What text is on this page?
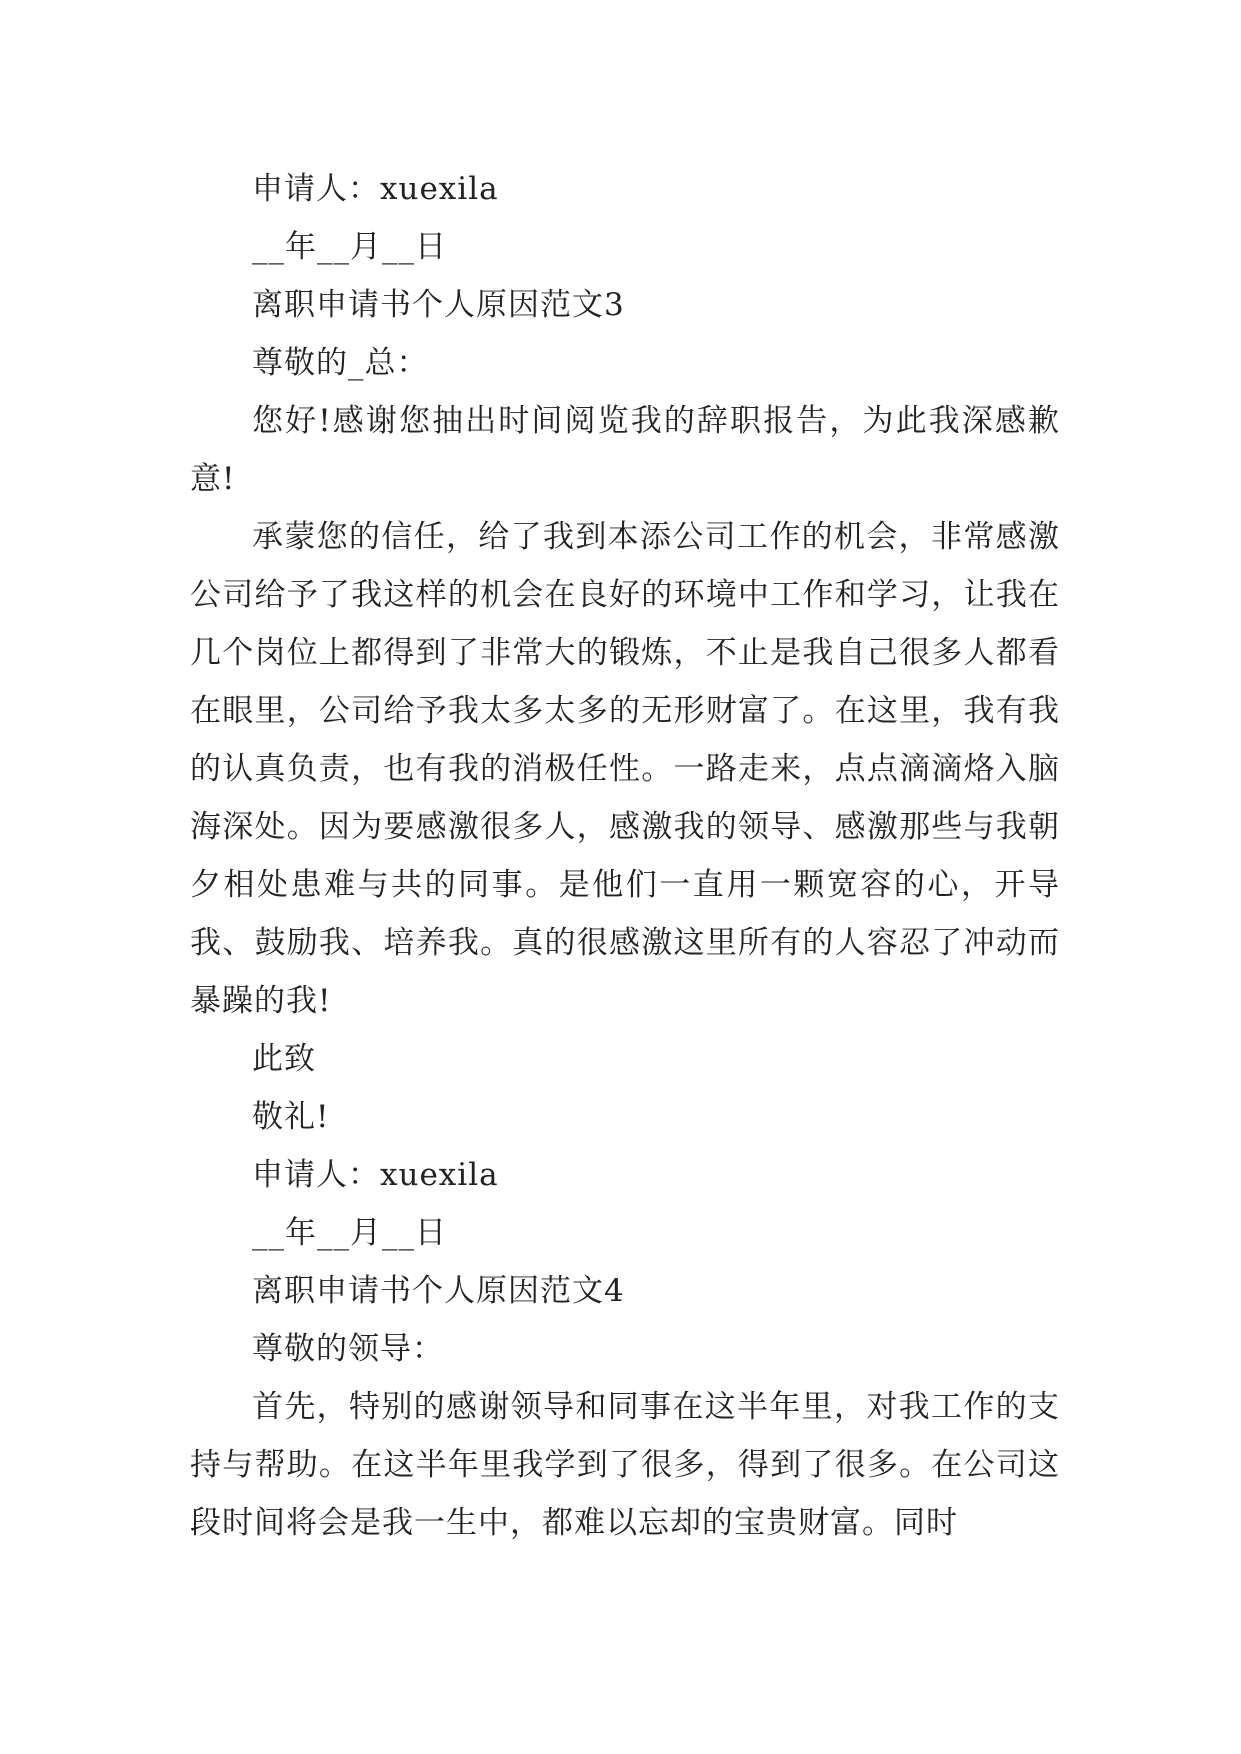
申请人：xuexila
__年__月__日
离职申请书个人原因范文3
尊敬的_总：

您好!感谢您抽出时间阅览我的辞职报告，为此我深感歉意!

承蒙您的信任，给了我到本添公司工作的机会，非常感激公司给予了我这样的机会在良好的环境中工作和学习，让我在几个岗位上都得到了非常大的锻炼，不止是我自己很多人都看在眼里，公司给予我太多太多的无形财富了。在这里，我有我的认真负责，也有我的消极任性。一路走来，点点滴滴烙入脑海深处。因为要感激很多人，感激我的领导、感激那些与我朝夕相处患难与共的同事。是他们一直用一颗宽容的心，开导我、鼓励我、培养我。真的很感激这里所有的人容忍了冲动而暴躁的我!

此致
敬礼!
申请人：xuexila
__年__月__日
离职申请书个人原因范文4
尊敬的领导：

首先，特别的感谢领导和同事在这半年里，对我工作的支持与帮助。在这半年里我学到了很多，得到了很多。在公司这段时间将会是我一生中，都难以忘却的宝贵财富。同时
